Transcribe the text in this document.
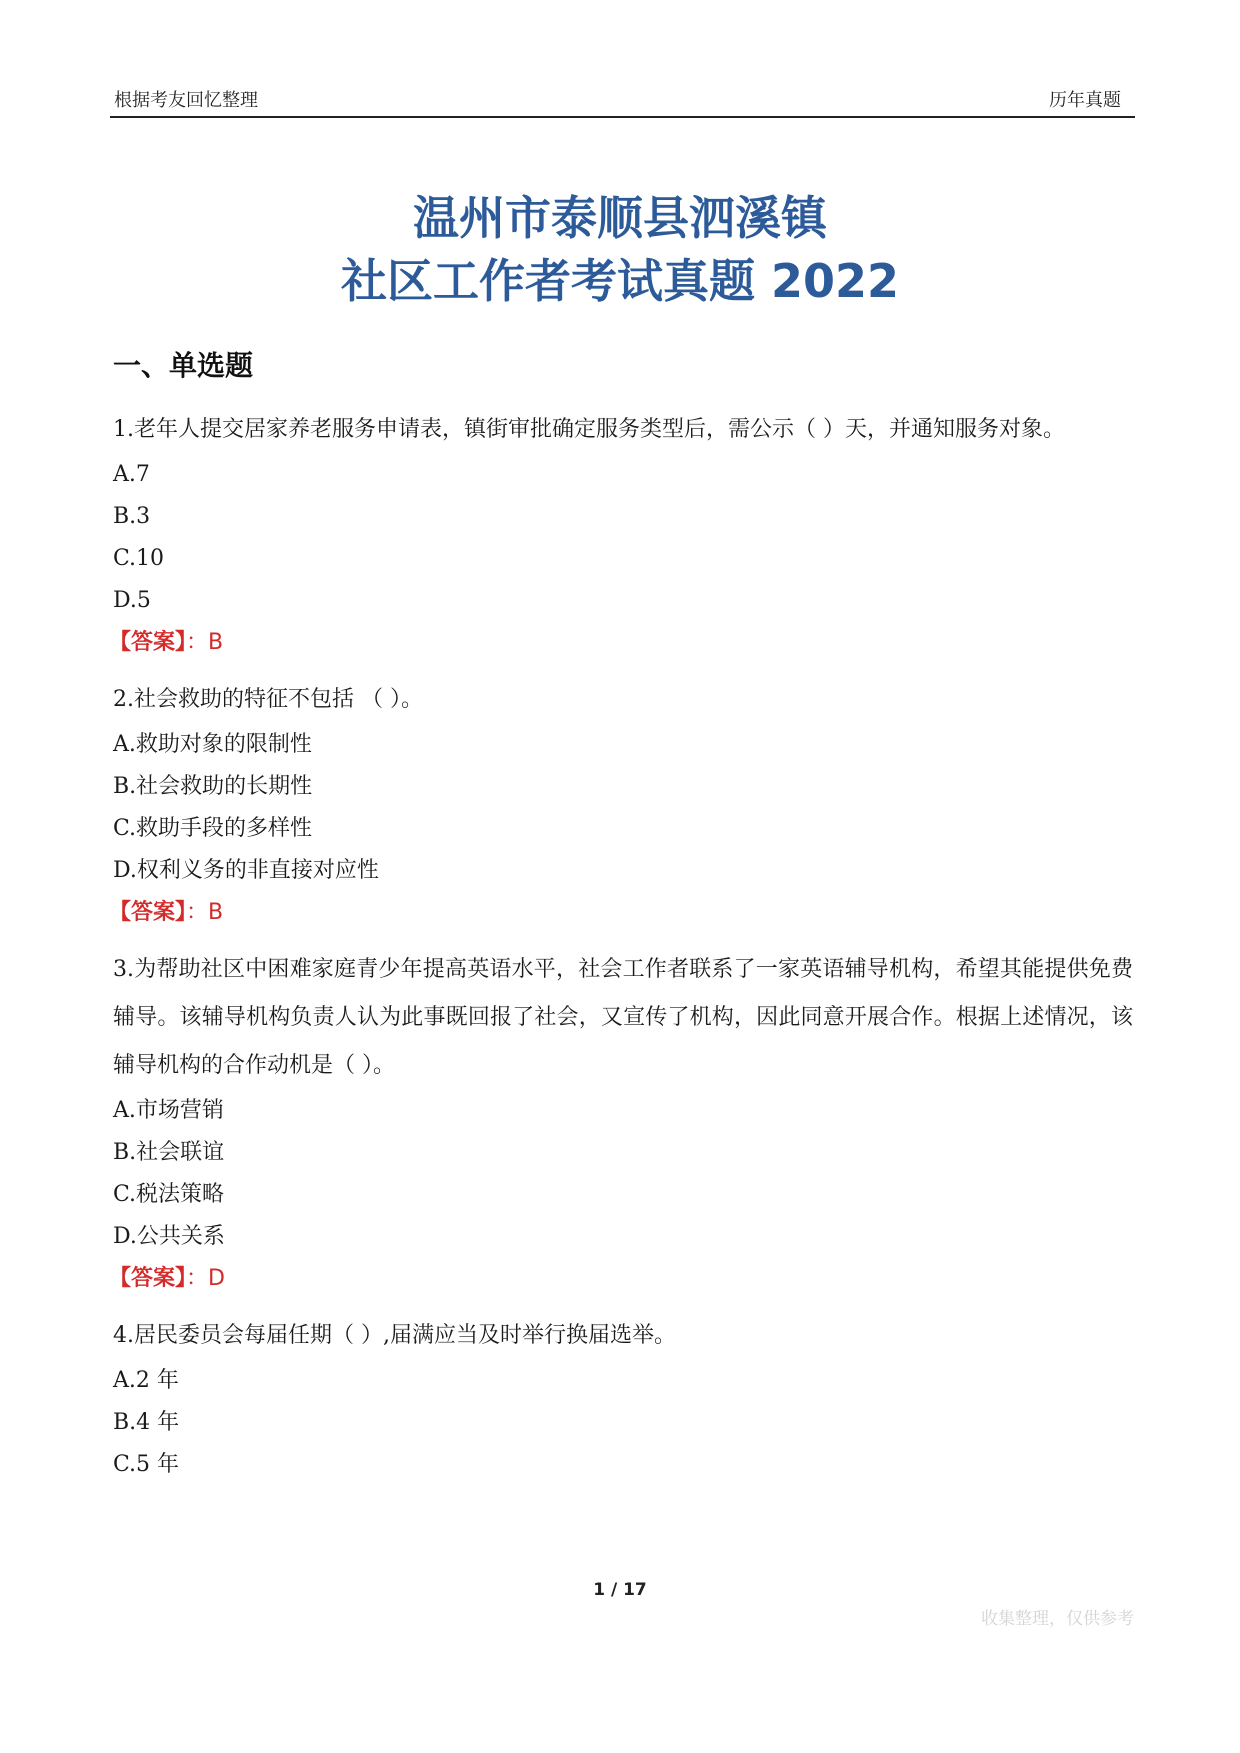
根据考友回忆整理	历年真题
温州市泰顺县泗溪镇
社区工作者考试真题 2022
一、单选题

1.老年人提交居家养老服务申请表，镇街审批确定服务类型后，需公示（ ）天，并通知服务对象。

A.7

B.3

C.10

D.5

【答案】：B

2.社会救助的特征不包括 （ ）。

A.救助对象的限制性

B.社会救助的长期性

C.救助手段的多样性

D.权利义务的非直接对应性

【答案】：B

3.为帮助社区中困难家庭青少年提高英语水平，社会工作者联系了一家英语辅导机构，希望其能提供免费辅导。该辅导机构负责人认为此事既回报了社会，又宣传了机构，因此同意开展合作。根据上述情况，该辅导机构的合作动机是（ ）。

A.市场营销

B.社会联谊

C.税法策略

D.公共关系

【答案】：D

4.居民委员会每届任期（ ）,届满应当及时举行换届选举。

A.2 年

B.4 年

C.5 年

1 / 17
收集整理，仅供参考
